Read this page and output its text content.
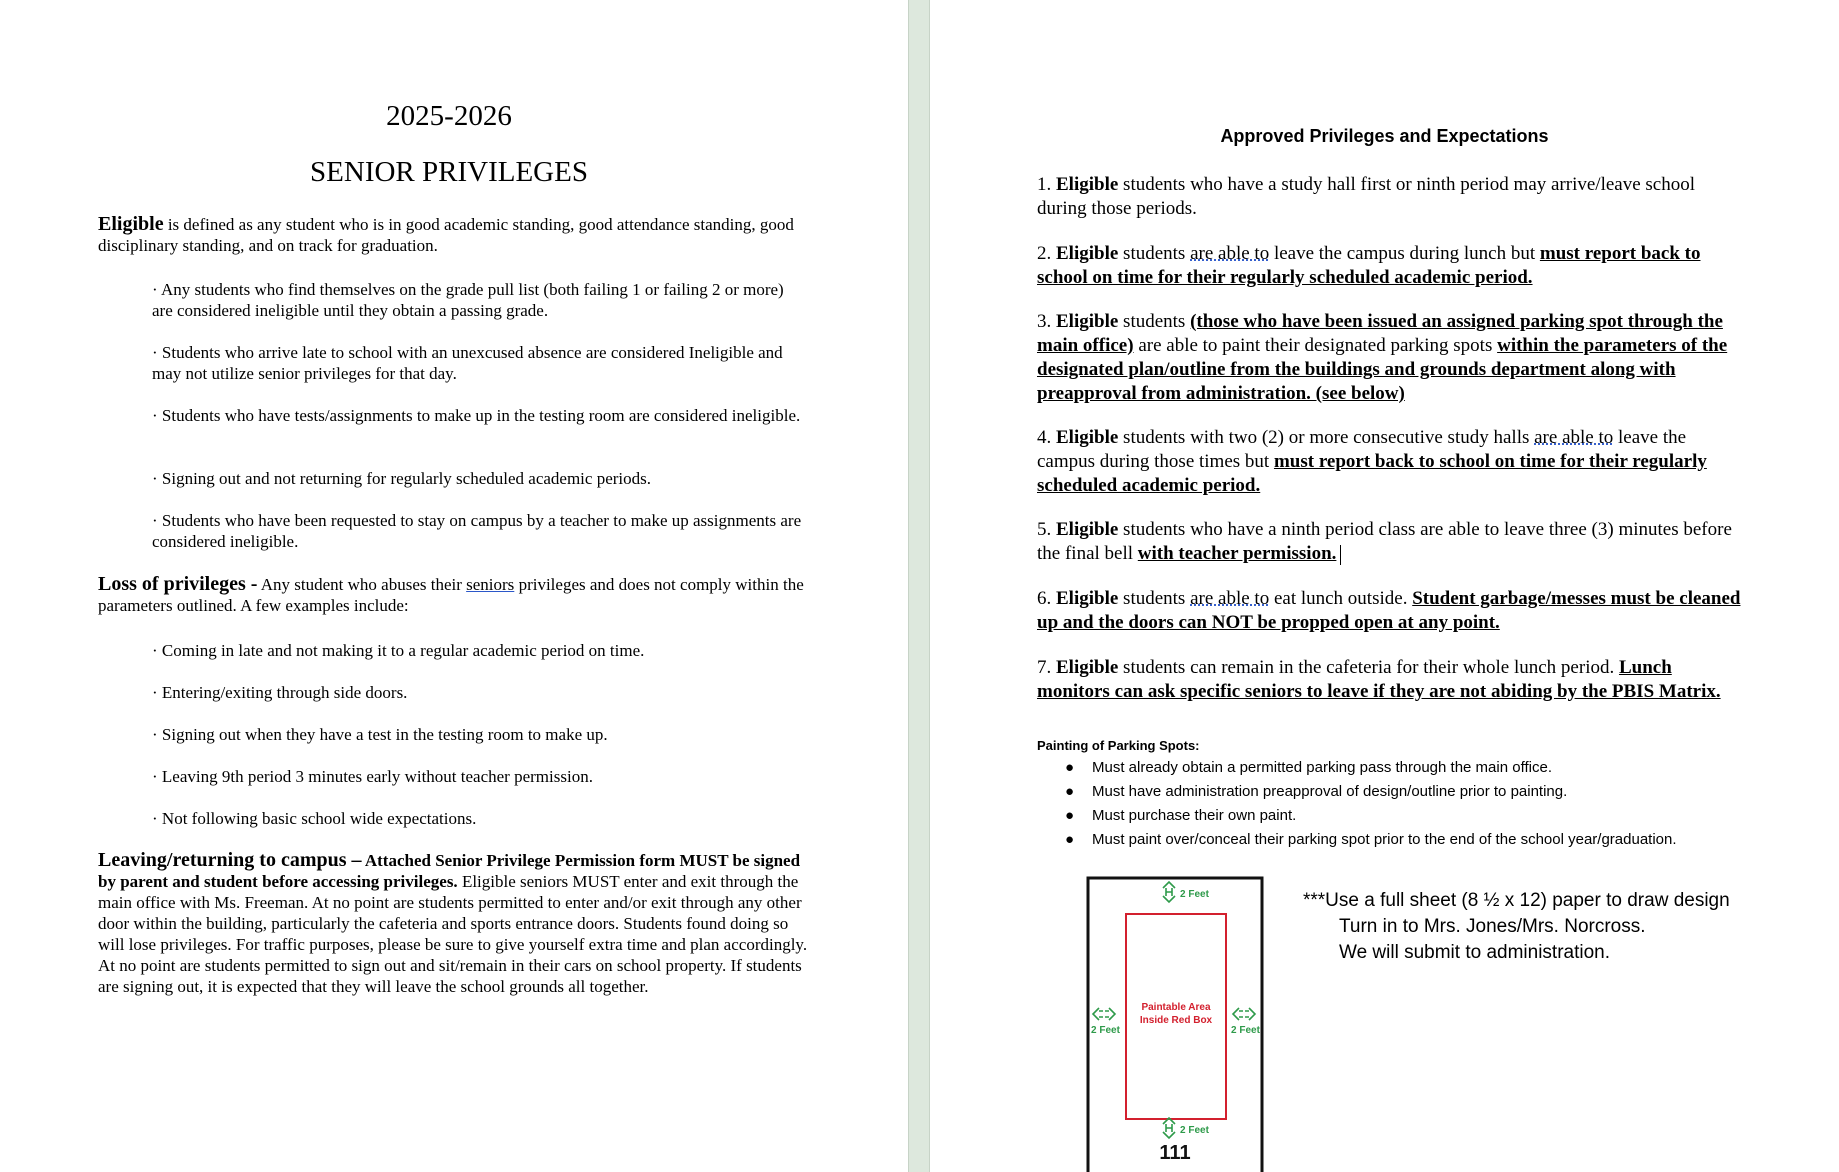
2025-2026
SENIOR PRIVILEGES
Eligible is defined as any student who is in good academic standing, good attendance standing, good disciplinary standing, and on track for graduation.
· Any students who find themselves on the grade pull list (both failing 1 or failing 2 or more) are considered ineligible until they obtain a passing grade.
· Students who arrive late to school with an unexcused absence are considered Ineligible and may not utilize senior privileges for that day.
· Students who have tests/assignments to make up in the testing room are considered ineligible.
· Signing out and not returning for regularly scheduled academic periods.
· Students who have been requested to stay on campus by a teacher to make up assignments are considered ineligible.
Loss of privileges - Any student who abuses their seniors privileges and does not comply within the parameters outlined. A few examples include:
· Coming in late and not making it to a regular academic period on time.
· Entering/exiting through side doors.
· Signing out when they have a test in the testing room to make up.
· Leaving 9th period 3 minutes early without teacher permission.
· Not following basic school wide expectations.
Leaving/returning to campus – Attached Senior Privilege Permission form MUST be signed by parent and student before accessing privileges. Eligible seniors MUST enter and exit through the main office with Ms. Freeman. At no point are students permitted to enter and/or exit through any other door within the building, particularly the cafeteria and sports entrance doors. Students found doing so will lose privileges. For traffic purposes, please be sure to give yourself extra time and plan accordingly. At no point are students permitted to sign out and sit/remain in their cars on school property. If students are signing out, it is expected that they will leave the school grounds all together.
Approved Privileges and Expectations
1. Eligible students who have a study hall first or ninth period may arrive/leave school during those periods.
2. Eligible students are able to leave the campus during lunch but must report back to school on time for their regularly scheduled academic period.
3. Eligible students (those who have been issued an assigned parking spot through the main office) are able to paint their designated parking spots within the parameters of the designated plan/outline from the buildings and grounds department along with preapproval from administration. (see below)
4. Eligible students with two (2) or more consecutive study halls are able to leave the campus during those times but must report back to school on time for their regularly scheduled academic period.
5. Eligible students who have a ninth period class are able to leave three (3) minutes before the final bell with teacher permission.
6. Eligible students are able to eat lunch outside. Student garbage/messes must be cleaned up and the doors can NOT be propped open at any point.
7. Eligible students can remain in the cafeteria for their whole lunch period. Lunch monitors can ask specific seniors to leave if they are not abiding by the PBIS Matrix.
Painting of Parking Spots:
● Must already obtain a permitted parking pass through the main office.
● Must have administration preapproval of design/outline prior to painting.
● Must purchase their own paint.
● Must paint over/conceal their parking spot prior to the end of the school year/graduation.
***Use a full sheet (8 ½ x 12) paper to draw design
Turn in to Mrs. Jones/Mrs. Norcross.
We will submit to administration.
2 Feet
2 Feet	2 Feet
Paintable Area
Inside Red Box
2 Feet
111
